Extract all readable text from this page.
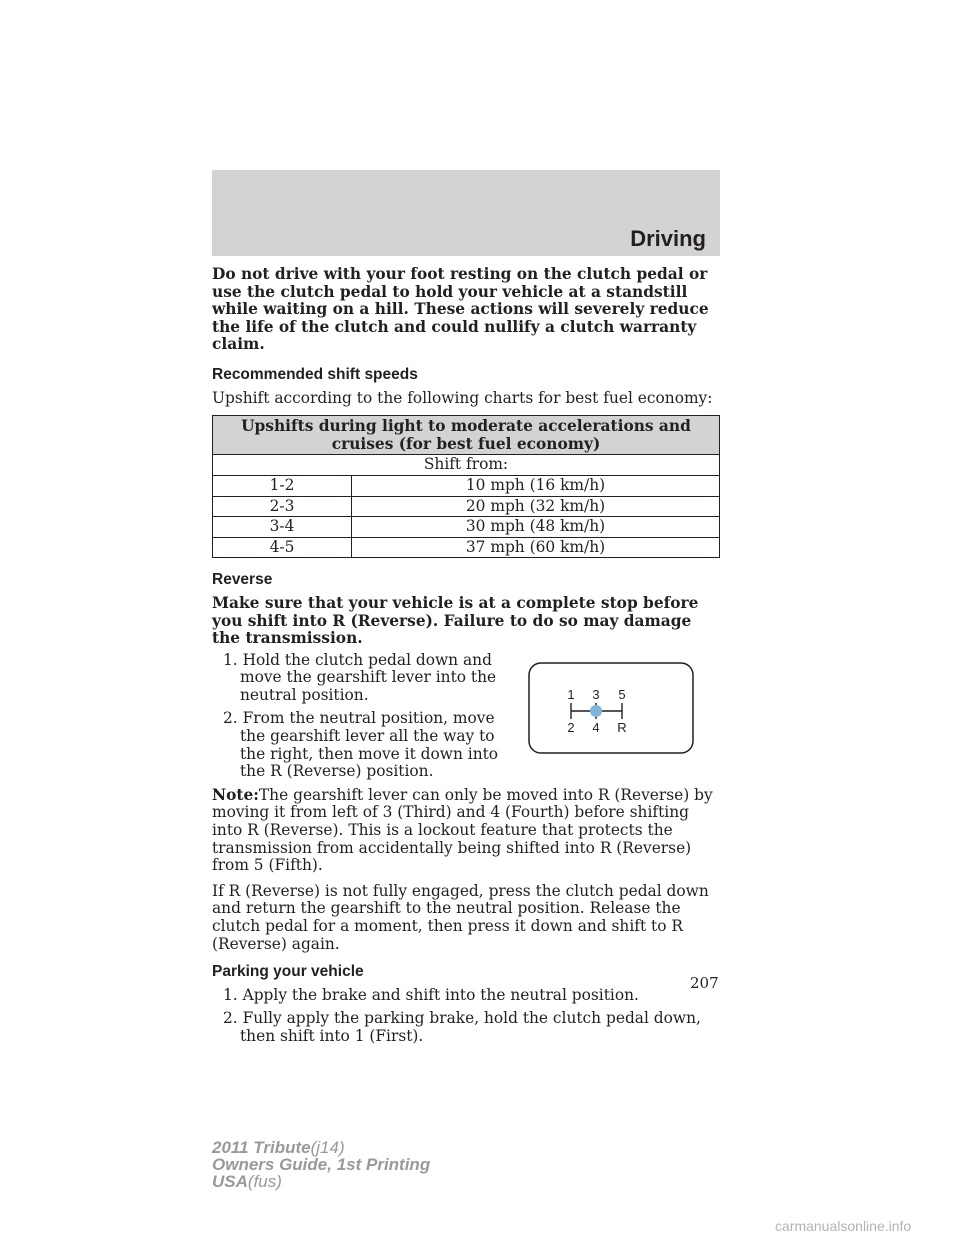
Driving

Do not drive with your foot resting on the clutch pedal or use the clutch pedal to hold your vehicle at a standstill while waiting on a hill. These actions will severely reduce the life of the clutch and could nullify a clutch warranty claim.

Recommended shift speeds

Upshift according to the following charts for best fuel economy:

Upshifts during light to moderate accelerations and cruises (for best fuel economy)	
Shift from:	
1-2	10 mph (16 km/h)
2-3	20 mph (32 km/h)
3-4	30 mph (48 km/h)
4-5	37 mph (60 km/h)
Reverse

Make sure that your vehicle is at a complete stop before you shift into R (Reverse). Failure to do so may damage the transmission.

1. Hold the clutch pedal down and move the gearshift lever into the neutral position.

2. From the neutral position, move the gearshift lever all the way to the right, then move it down into the R (Reverse) position.

1 3 5
2 4 R

Note:The gearshift lever can only be moved into R (Reverse) by moving it from left of 3 (Third) and 4 (Fourth) before shifting into R (Reverse). This is a lockout feature that protects the transmission from accidentally being shifted into R (Reverse) from 5 (Fifth).

If R (Reverse) is not fully engaged, press the clutch pedal down and return the gearshift to the neutral position. Release the clutch pedal for a moment, then press it down and shift to R (Reverse) again.

Parking your vehicle

1. Apply the brake and shift into the neutral position.

2. Fully apply the parking brake, hold the clutch pedal down, then shift into 1 (First).

207
2011 Tribute(j14)
Owners Guide, 1st Printing
USA(fus)
carmanualsonline.info
